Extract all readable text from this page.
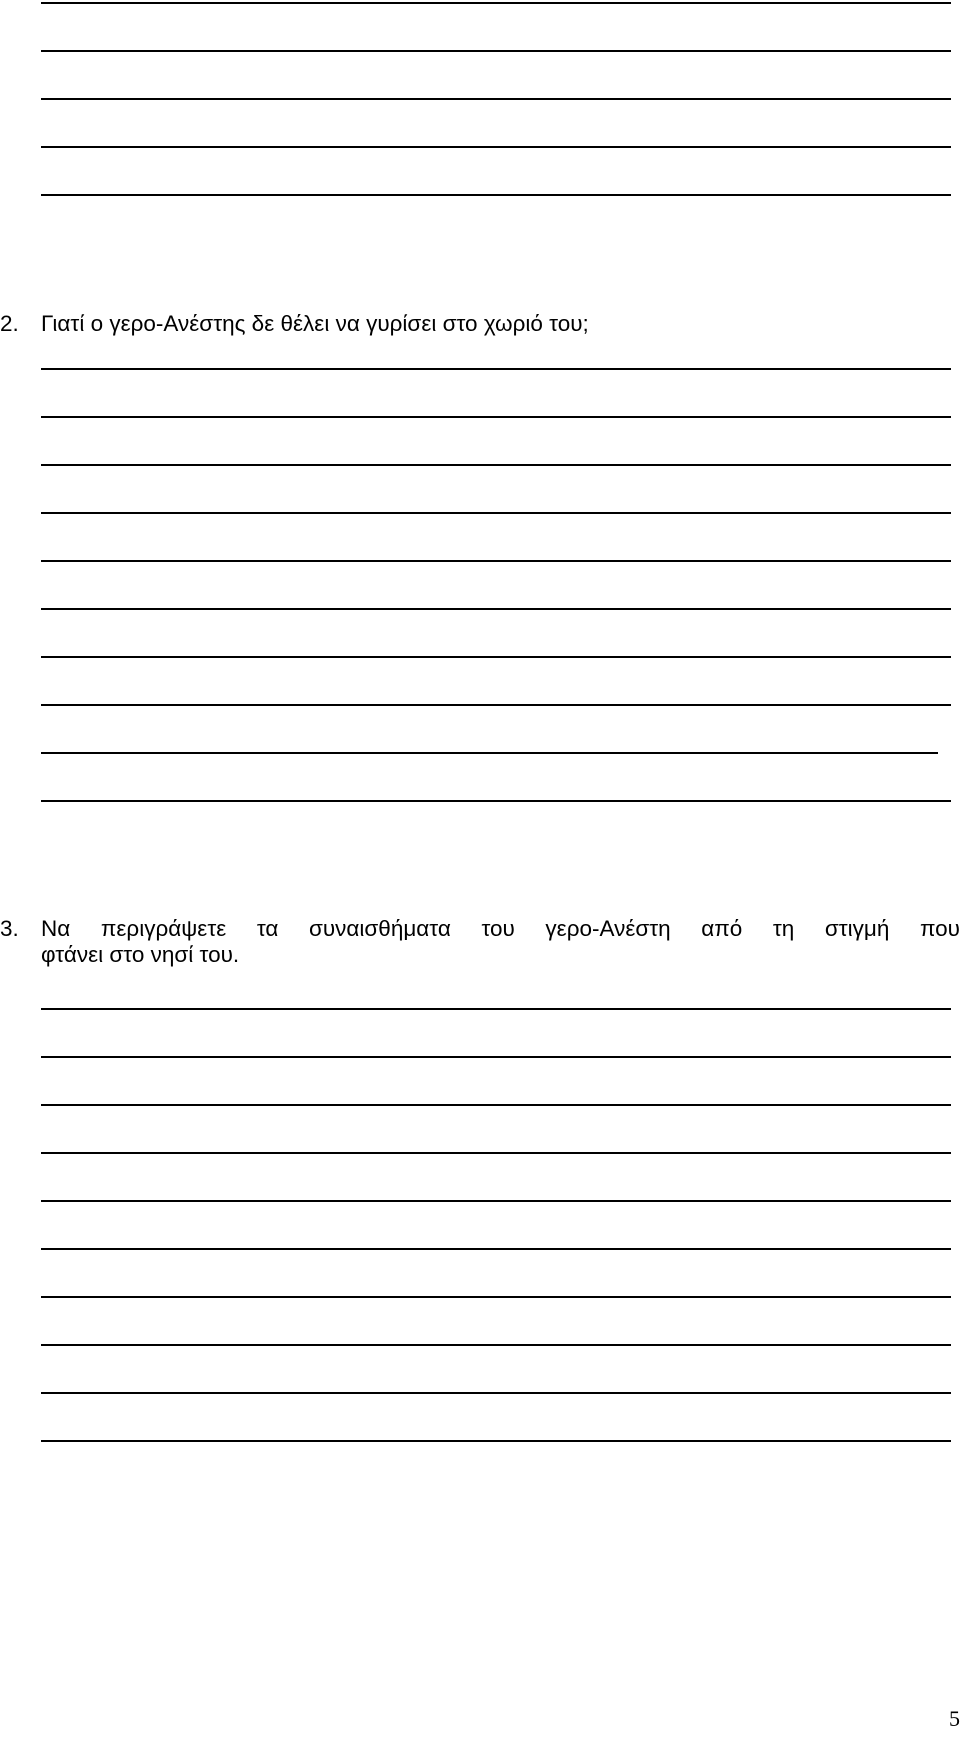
2. Γιατί ο γερο-Ανέστης δε θέλει να γυρίσει στο χωριό του;
3. Να περιγράψετε τα συναισθήματα του γερο-Ανέστη από τη στιγμή που
φτάνει στο νησί του.
5
